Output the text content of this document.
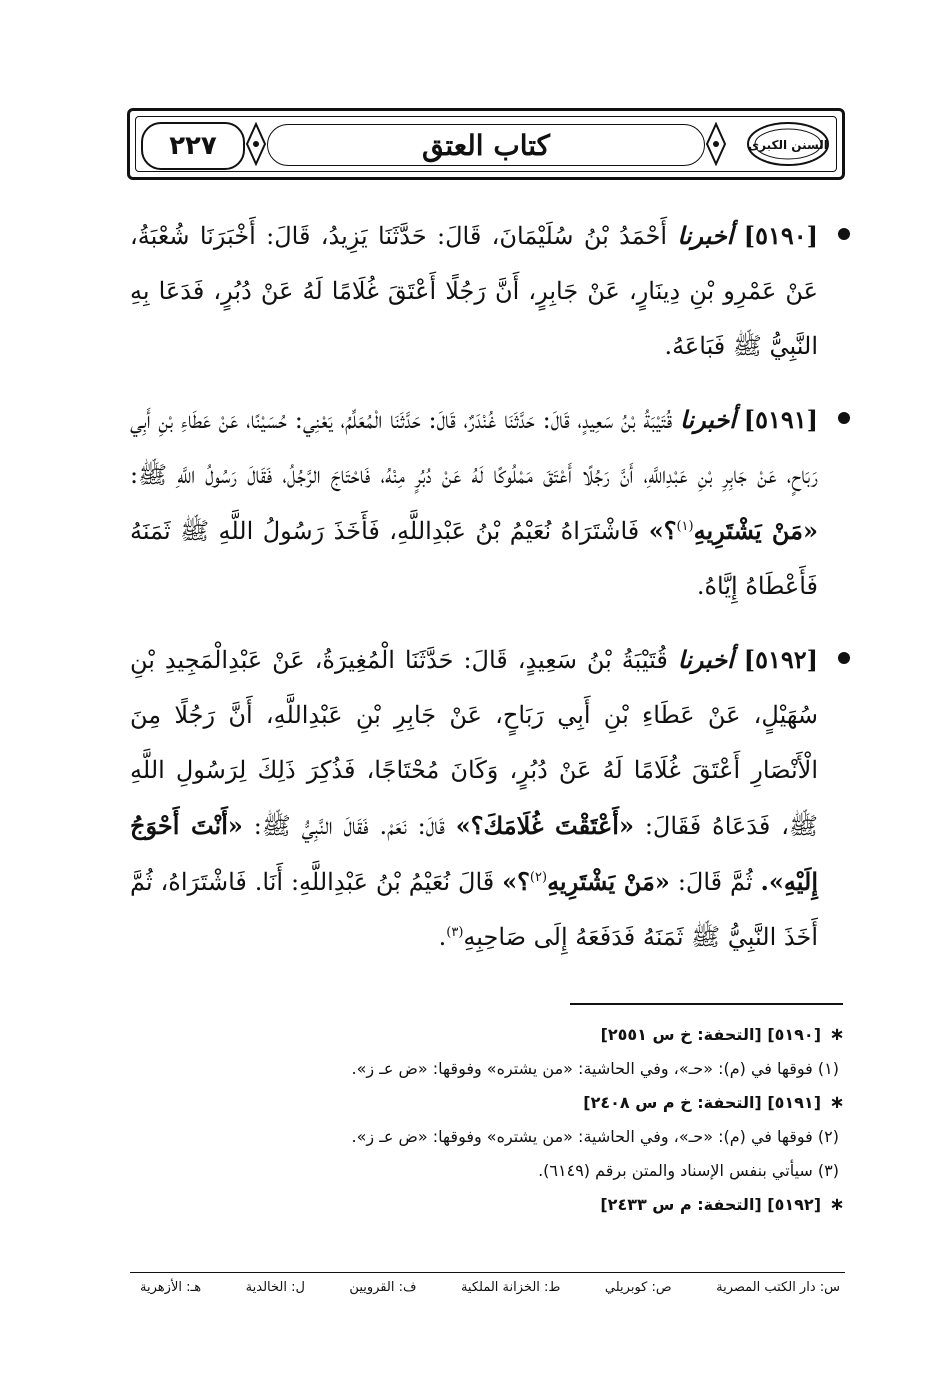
٢٢٧	كتاب العتق	السنن الكبرى
[٥١٩٠] أخبرنا أَحْمَدُ بْنُ سُلَيْمَانَ، قَالَ: حَدَّثَنَا يَزِيدُ، قَالَ: أَخْبَرَنَا شُعْبَةُ، عَنْ عَمْرِو بْنِ دِينَارٍ، عَنْ جَابِرٍ، أَنَّ رَجُلًا أَعْتَقَ غُلَامًا لَهُ عَنْ دُبُرٍ، فَدَعَا بِهِ النَّبِيُّ ﷺ فَبَاعَهُ.
[٥١٩١] أخبرنا قُتَيْبَةُ بْنُ سَعِيدٍ، قَالَ: حَدَّثَنَا غُنْدَرٌ، قَالَ: حَدَّثَنَا الْمُعَلِّمُ، يَعْنِي: حُسَيْنًا، عَنْ عَطَاءِ بْنِ أَبِي رَبَاحٍ، عَنْ جَابِرِ بْنِ عَبْدِاللَّهِ، أَنَّ رَجُلًا أَعْتَقَ مَمْلُوكًا لَهُ عَنْ دُبُرٍ مِنْهُ، فَاحْتَاجَ الرَّجُلُ، فَقَالَ رَسُولُ اللَّهِ ﷺ: «مَنْ يَشْتَرِيهِ$^{(١)}$؟» فَاشْتَرَاهُ نُعَيْمُ بْنُ عَبْدِاللَّهِ، فَأَخَذَ رَسُولُ اللَّهِ ﷺ ثَمَنَهُ فَأَعْطَاهُ إِيَّاهُ.
[٥١٩٢] أخبرنا قُتَيْبَةُ بْنُ سَعِيدٍ، قَالَ: حَدَّثَنَا الْمُغِيرَةُ، عَنْ عَبْدِالْمَجِيدِ بْنِ سُهَيْلٍ، عَنْ عَطَاءِ بْنِ أَبِي رَبَاحٍ، عَنْ جَابِرِ بْنِ عَبْدِاللَّهِ، أَنَّ رَجُلًا مِنَ الْأَنْصَارِ أَعْتَقَ غُلَامًا لَهُ عَنْ دُبُرٍ، وَكَانَ مُحْتَاجًا، فَذُكِرَ ذَلِكَ لِرَسُولِ اللَّهِ ﷺ، فَدَعَاهُ فَقَالَ: «أَعْتَقْتَ غُلَامَكَ؟» قَالَ: نَعَمْ. فَقَالَ النَّبِيُّ ﷺ: «أَنْتَ أَحْوَجُ إِلَيْهِ». ثُمَّ قَالَ: «مَنْ يَشْتَرِيهِ$^{(٢)}$؟» قَالَ نُعَيْمُ بْنُ عَبْدِاللَّهِ: أَنَا. فَاشْتَرَاهُ، ثُمَّ أَخَذَ النَّبِيُّ ﷺ ثَمَنَهُ فَدَفَعَهُ إِلَى صَاحِبِهِ$^{(٣)}$.
∗
[٥١٩٠] [التحفة: خ س ٢٥٥١]
(١) فوقها في (م): «حـ»، وفي الحاشية: «من يشتره» وفوقها: «ض عـ ز».
∗
[٥١٩١] [التحفة: خ م س ٢٤٠٨]
(٢) فوقها في (م): «حـ»، وفي الحاشية: «من يشتره» وفوقها: «ض عـ ز».
(٣) سيأتي بنفس الإسناد والمتن برقم (٦١٤٩).
∗
[٥١٩٢] [التحفة: م س ٢٤٣٣]
س: دار الكتب المصرية
ص: كوبريلي
ط: الخزانة الملكية
ف: القرويين
ل: الخالدية
هـ: الأزهرية
